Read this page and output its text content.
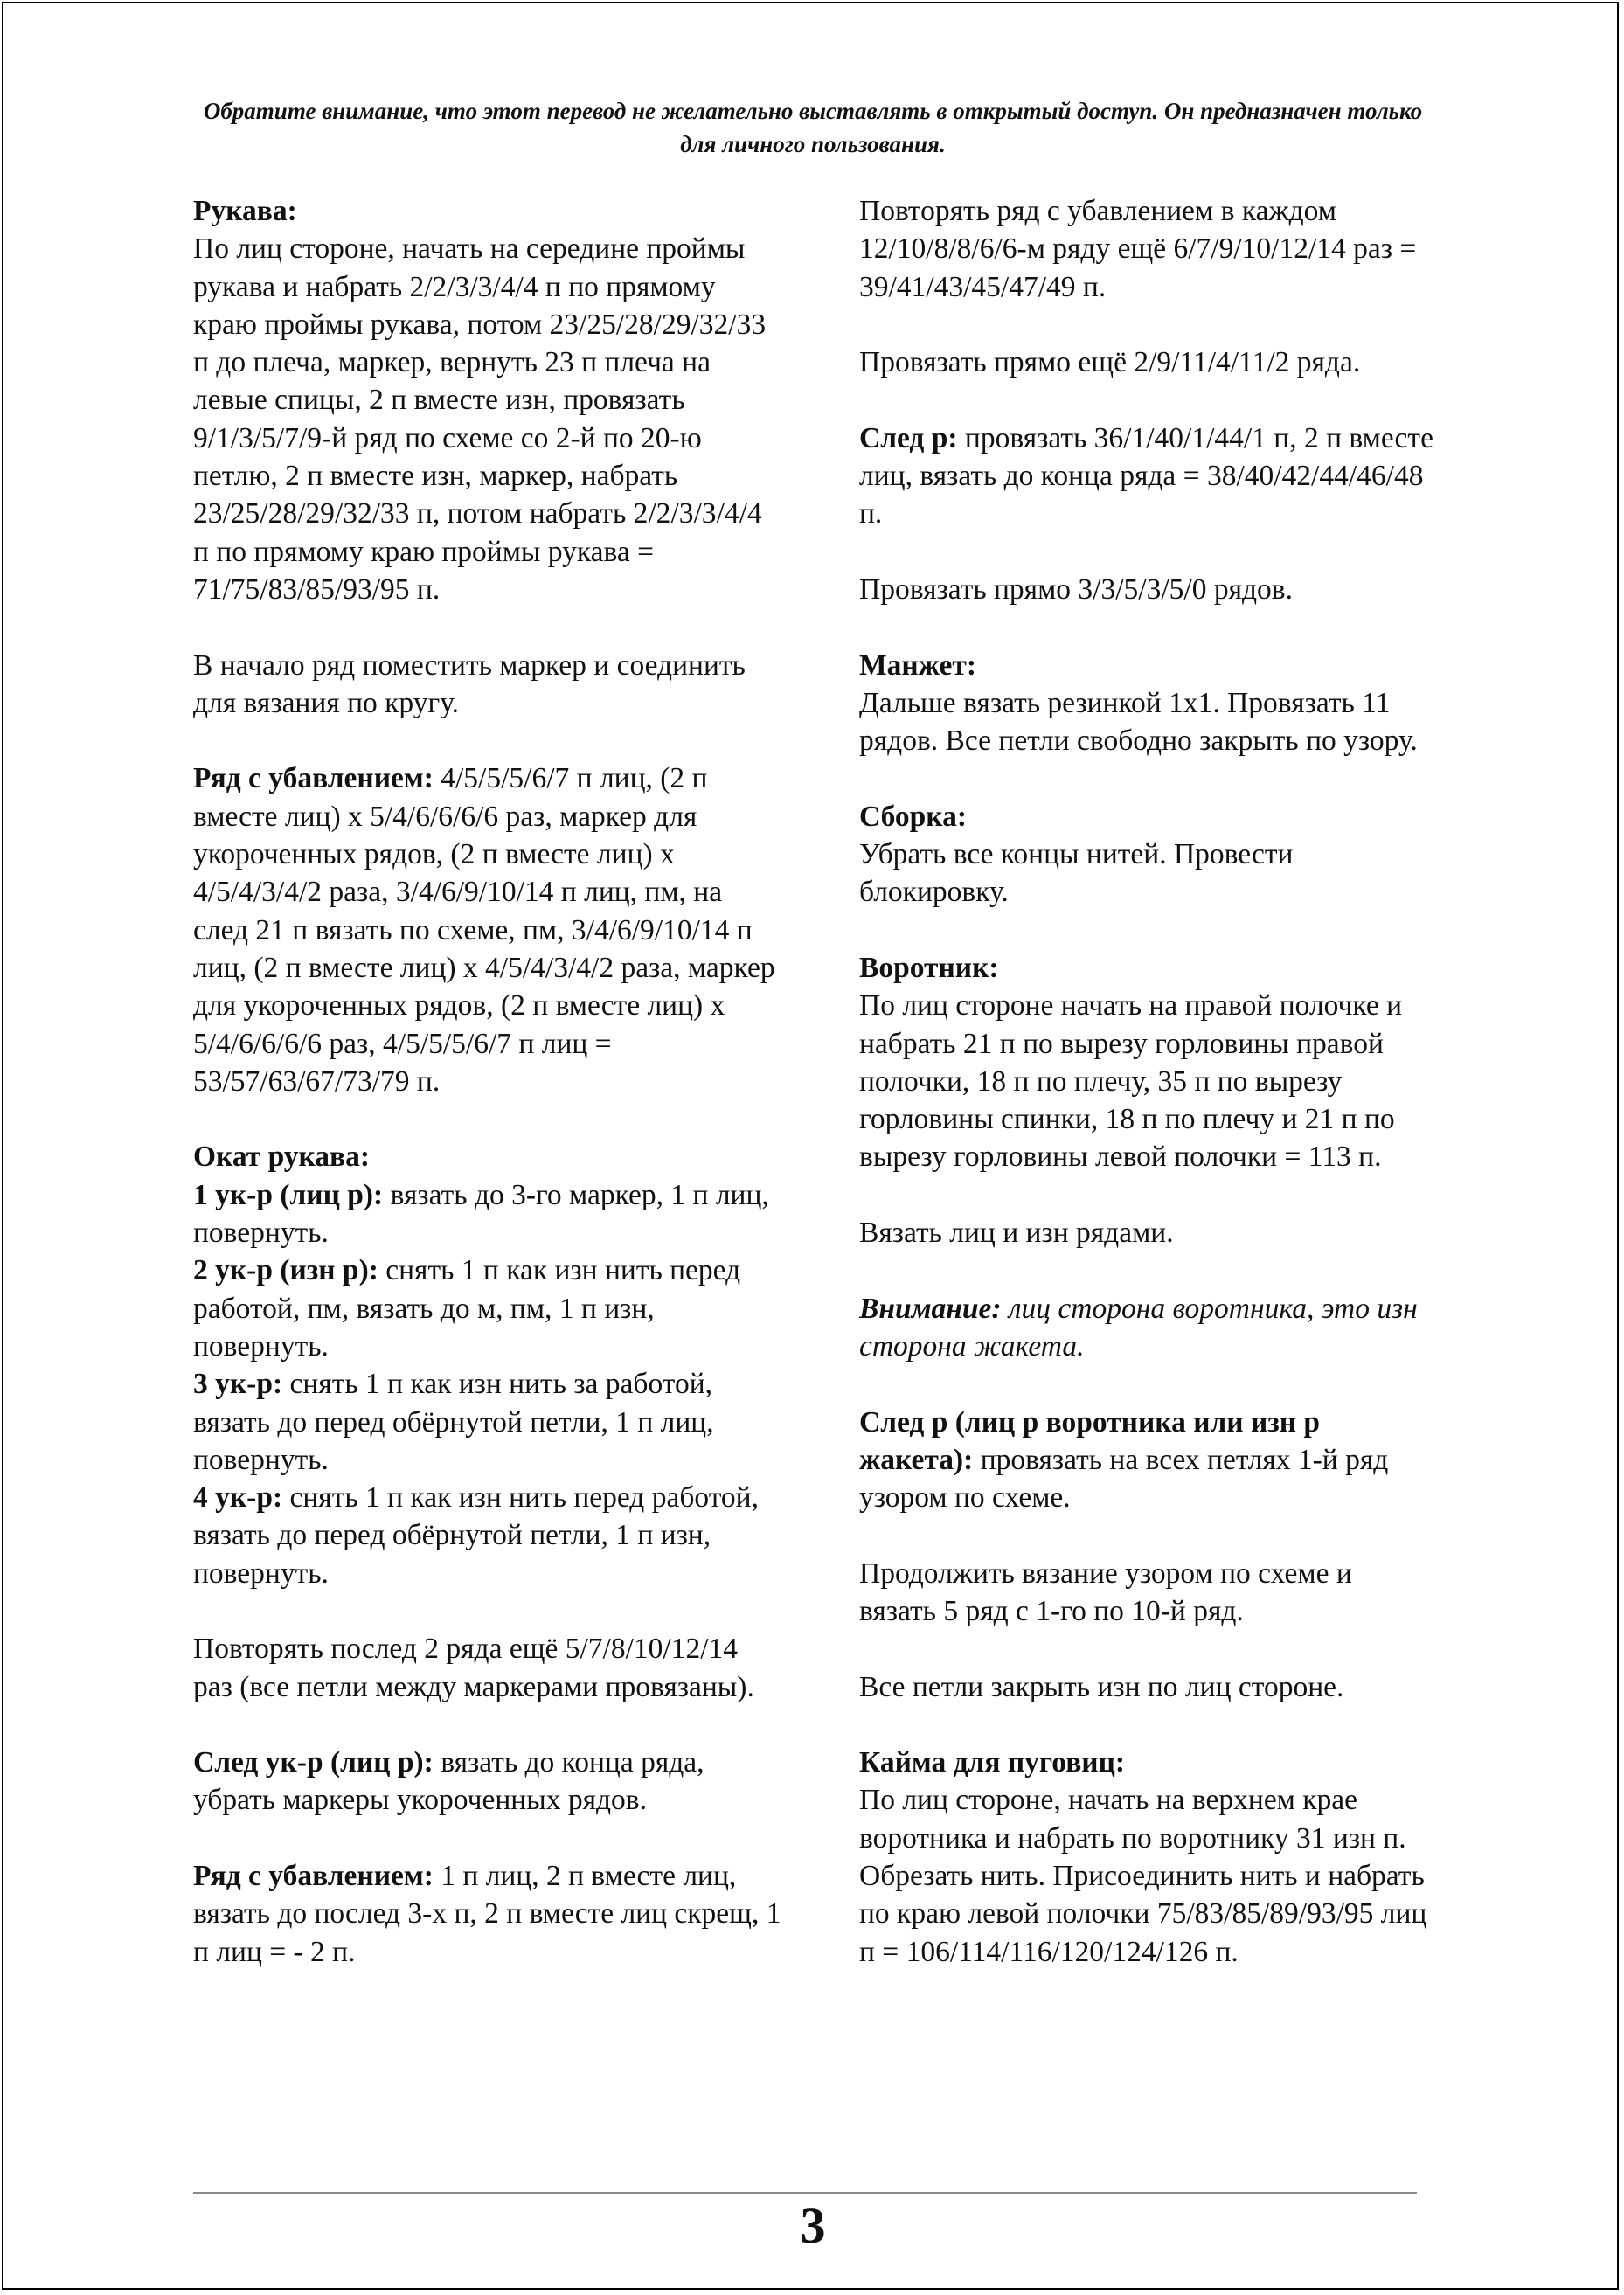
Обратите внимание, что этот перевод не желательно выставлять в открытый доступ. Он предназначен только для личного пользования.

Рукава:
По лиц стороне, начать на середине проймы рукава и набрать 2/2/3/3/4/4 п по прямому краю проймы рукава, потом 23/25/28/29/32/33 п до плеча, маркер, вернуть 23 п плеча на левые спицы, 2 п вместе изн, провязать 9/1/3/5/7/9-й ряд по схеме со 2-й по 20-ю петлю, 2 п вместе изн, маркер, набрать 23/25/28/29/32/33 п, потом набрать 2/2/3/3/4/4 п по прямому краю проймы рукава = 71/75/83/85/93/95 п.

В начало ряд поместить маркер и соединить для вязания по кругу.

Ряд с убавлением: 4/5/5/5/6/7 п лиц, (2 п вместе лиц) х 5/4/6/6/6/6 раз, маркер для укороченных рядов, (2 п вместе лиц) х 4/5/4/3/4/2 раза, 3/4/6/9/10/14 п лиц, пм, на след 21 п вязать по схеме, пм, 3/4/6/9/10/14 п лиц, (2 п вместе лиц) х 4/5/4/3/4/2 раза, маркер для укороченных рядов, (2 п вместе лиц) х 5/4/6/6/6/6 раз, 4/5/5/5/6/7 п лиц = 53/57/63/67/73/79 п.

Окат рукава:

1 ук-р (лиц р): вязать до 3-го маркер, 1 п лиц, повернуть.

2 ук-р (изн р): снять 1 п как изн нить перед работой, пм, вязать до м, пм, 1 п изн, повернуть.

3 ук-р: снять 1 п как изн нить за работой, вязать до перед обёрнутой петли, 1 п лиц, повернуть.

4 ук-р: снять 1 п как изн нить перед работой, вязать до перед обёрнутой петли, 1 п изн, повернуть.

Повторять послед 2 ряда ещё 5/7/8/10/12/14 раз (все петли между маркерами провязаны).

След ук-р (лиц р): вязать до конца ряда, убрать маркеры укороченных рядов.

Ряд с убавлением: 1 п лиц, 2 п вместе лиц, вязать до послед 3-х п, 2 п вместе лиц скрещ, 1 п лиц = - 2 п.

Повторять ряд с убавлением в каждом 12/10/8/8/6/6-м ряду ещё 6/7/9/10/12/14 раз = 39/41/43/45/47/49 п.

Провязать прямо ещё 2/9/11/4/11/2 ряда.

След р: провязать 36/1/40/1/44/1 п, 2 п вместе лиц, вязать до конца ряда = 38/40/42/44/46/48 п.

Провязать прямо 3/3/5/3/5/0 рядов.

Манжет:
Дальше вязать резинкой 1х1. Провязать 11 рядов. Все петли свободно закрыть по узору.

Сборка:
Убрать все концы нитей. Провести блокировку.

Воротник:
По лиц стороне начать на правой полочке и набрать 21 п по вырезу горловины правой полочки, 18 п по плечу, 35 п по вырезу горловины спинки, 18 п по плечу и 21 п по вырезу горловины левой полочки = 113 п.

Вязать лиц и изн рядами.

Внимание: лиц сторона воротника, это изн сторона жакета.

След р (лиц р воротника или изн р жакета): провязать на всех петлях 1-й ряд узором по схеме.

Продолжить вязание узором по схеме и вязать 5 ряд с 1-го по 10-й ряд.

Все петли закрыть изн по лиц стороне.

Кайма для пуговиц:
По лиц стороне, начать на верхнем крае воротника и набрать по воротнику 31 изн п. Обрезать нить. Присоединить нить и набрать по краю левой полочки 75/83/85/89/93/95 лиц п = 106/114/116/120/124/126 п.

3
